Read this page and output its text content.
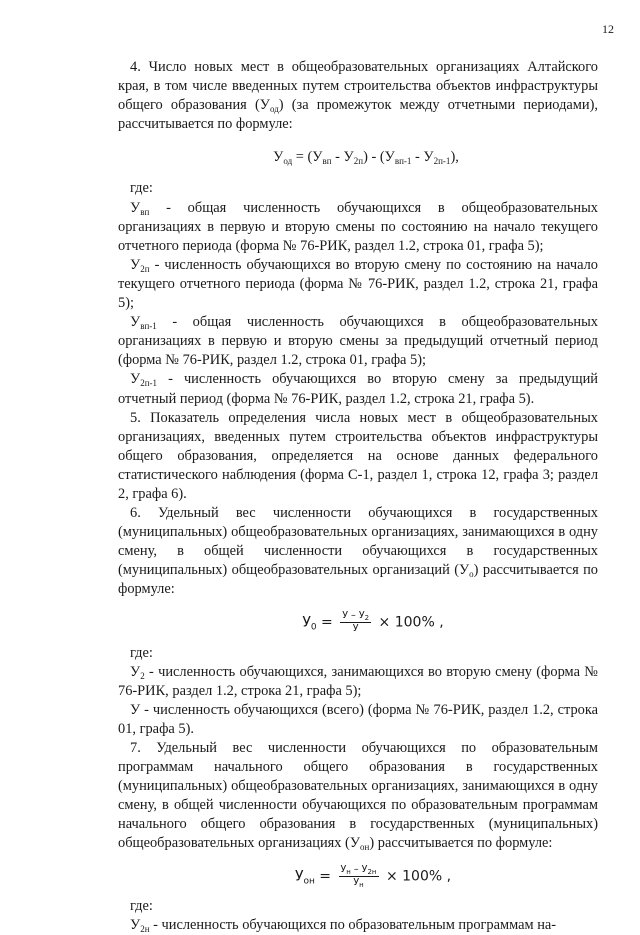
12

4. Число новых мест в общеобразовательных организациях Алтайского края, в том числе введенных путем строительства объектов инфраструктуры общего образования $(У_{од})$ (за промежуток между отчетными периодами), рассчитывается по формуле:

$У_{од} = (У_{вп} - У_{2п}) - (У_{вп-1} - У_{2п-1})$,

где:

$У_{вп}$ - общая численность обучающихся в общеобразовательных организациях в первую и вторую смены по состоянию на начало текущего отчетного периода (форма № 76-РИК, раздел 1.2, строка 01, графа 5);

$У_{2п}$ - численность обучающихся во вторую смену по состоянию на начало текущего отчетного периода (форма № 76-РИК, раздел 1.2, строка 21, графа 5);

$У_{вп-1}$ - общая численность обучающихся в общеобразовательных организациях в первую и вторую смены за предыдущий отчетный период (форма № 76-РИК, раздел 1.2, строка 01, графа 5);

$У_{2п-1}$ - численность обучающихся во вторую смену за предыдущий отчетный период (форма № 76-РИК, раздел 1.2, строка 21, графа 5).

5. Показатель определения числа новых мест в общеобразовательных организациях, введенных путем строительства объектов инфраструктуры общего образования, определяется на основе данных федерального статистического наблюдения (форма С-1, раздел 1, строка 12, графа 3; раздел 2, графа 6).

6. Удельный вес численности обучающихся в государственных (муниципальных) общеобразовательных организациях, занимающихся в одну смену, в общей численности обучающихся в государственных (муниципальных) общеобразовательных организаций $(У_о)$ рассчитывается по формуле:

$У_0 = \frac{У - У_2}{У} \times 100\%$ ,

где:

$У_2$ - численность обучающихся, занимающихся во вторую смену (форма № 76-РИК, раздел 1.2, строка 21, графа 5);

У - численность обучающихся (всего) (форма № 76-РИК, раздел 1.2, строка 01, графа 5).

7. Удельный вес численности обучающихся по образовательным программам начального общего образования в государственных (муниципальных) общеобразовательных организациях, занимающихся в одну смену, в общей численности обучающихся по образовательным программам начального общего образования в государственных (муниципальных) общеобразовательных организациях $(У_{он})$ рассчитывается по формуле:

$У_{он} = \frac{У_н - У_{2н}}{У_н} \times 100\%$ ,

где:

$У_{2н}$ - численность обучающихся по образовательным программам на-
